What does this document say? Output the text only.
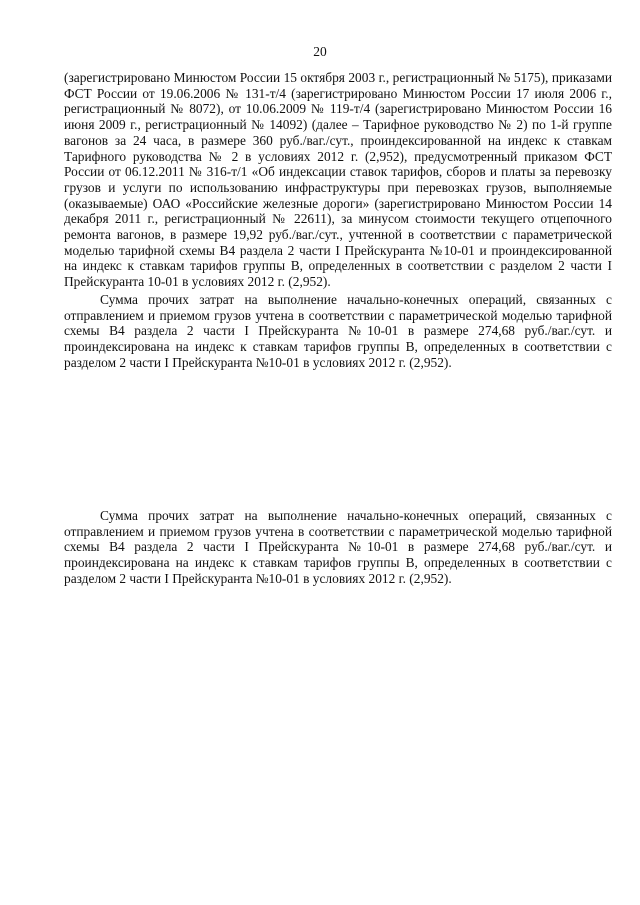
20

(зарегистрировано Минюстом России 15 октября 2003 г., регистрационный № 5175), приказами ФСТ России от 19.06.2006 № 131-т/4 (зарегистрировано Минюстом России 17 июля 2006 г., регистрационный № 8072), от 10.06.2009 № 119-т/4 (зарегистрировано Минюстом России 16 июня 2009 г., регистрационный № 14092) (далее – Тарифное руководство № 2) по 1-й группе вагонов за 24 часа, в размере 360 руб./ваг./сут., проиндексированной на индекс к ставкам Тарифного руководства № 2 в условиях 2012 г. (2,952), предусмотренный приказом ФСТ России от 06.12.2011 № 316-т/1 «Об индексации ставок тарифов, сборов и платы за перевозку грузов и услуги по использованию инфраструктуры при перевозках грузов, выполняемые (оказываемые) ОАО «Российские железные дороги» (зарегистрировано Минюстом России 14 декабря 2011 г., регистрационный № 22611), за минусом стоимости текущего отцепочного ремонта вагонов, в размере 19,92 руб./ваг./сут., учтенной в соответствии с параметрической моделью тарифной схемы В4 раздела 2 части I Прейскуранта №10-01 и проиндексированной на индекс к ставкам тарифов группы В, определенных в соответствии с разделом 2 части I Прейскуранта 10-01 в условиях 2012 г. (2,952).

Сумма прочих затрат на выполнение начально-конечных операций, связанных с отправлением и приемом грузов учтена в соответствии с параметрической моделью тарифной схемы В4 раздела 2 части I Прейскуранта №10-01 в размере 274,68 руб./ваг./сут. и проиндексирована на индекс к ставкам тарифов группы В, определенных в соответствии с разделом 2 части I Прейскуранта №10-01 в условиях 2012 г. (2,952).

Сумма прочих затрат на выполнение начально-конечных операций, связанных с отправлением и приемом грузов учтена в соответствии с параметрической моделью тарифной схемы В4 раздела 2 части I Прейскуранта №10-01 в размере 274,68 руб./ваг./сут. и проиндексирована на индекс к ставкам тарифов группы В, определенных в соответствии с разделом 2 части I Прейскуранта №10-01 в условиях 2012 г. (2,952).
